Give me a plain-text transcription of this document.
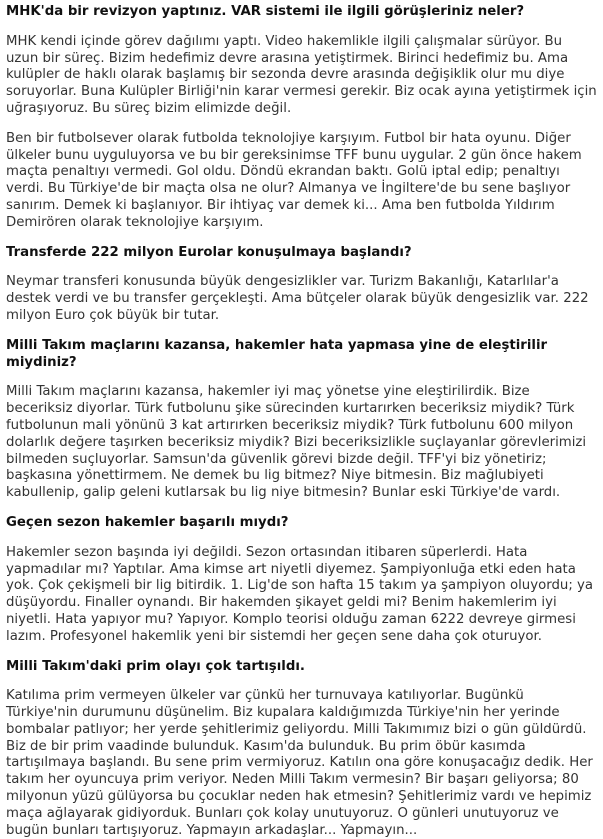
MHK'da bir revizyon yaptınız. VAR sistemi ile ilgili görüşleriniz neler?
MHK kendi içinde görev dağılımı yaptı. Video hakemlikle ilgili çalışmalar sürüyor. Bu uzun bir süreç. Bizim hedefimiz devre arasına yetiştirmek. Birinci hedefimiz bu. Ama kulüpler de haklı olarak başlamış bir sezonda devre arasında değişiklik olur mu diye soruyorlar. Buna Kulüpler Birliği'nin karar vermesi gerekir. Biz ocak ayına yetiştirmek için uğraşıyoruz. Bu süreç bizim elimizde değil.
Ben bir futbolsever olarak futbolda teknolojiye karşıyım. Futbol bir hata oyunu. Diğer ülkeler bunu uyguluyorsa ve bu bir gereksinimse TFF bunu uygular. 2 gün önce hakem maçta penaltıyı vermedi. Gol oldu. Döndü ekrandan baktı. Golü iptal edip; penaltıyı verdi. Bu Türkiye'de bir maçta olsa ne olur? Almanya ve İngiltere'de bu sene başlıyor sanırım. Demek ki başlanıyor. Bir ihtiyaç var demek ki... Ama ben futbolda Yıldırım Demirören olarak teknolojiye karşıyım.
Transferde 222 milyon Eurolar konuşulmaya başlandı?
Neymar transferi konusunda büyük dengesizlikler var. Turizm Bakanlığı, Katarlılar'a destek verdi ve bu transfer gerçekleşti. Ama bütçeler olarak büyük dengesizlik var. 222 milyon Euro çok büyük bir tutar.
Milli Takım maçlarını kazansa, hakemler hata yapmasa yine de eleştirilir miydiniz?
Milli Takım maçlarını kazansa, hakemler iyi maç yönetse yine eleştirilirdik. Bize beceriksiz diyorlar. Türk futbolunu şike sürecinden kurtarırken beceriksiz miydik? Türk futbolunun mali yönünü 3 kat artırırken beceriksiz miydik? Türk futbolunu 600 milyon dolarlık değere taşırken beceriksiz miydik? Bizi beceriksizlikle suçlayanlar görevlerimizi bilmeden suçluyorlar. Samsun'da güvenlik görevi bizde değil. TFF'yi biz yönetiriz; başkasına yönettirmem. Ne demek bu lig bitmez? Niye bitmesin. Biz mağlubiyeti kabullenip, galip geleni kutlarsak bu lig niye bitmesin? Bunlar eski Türkiye'de vardı.
Geçen sezon hakemler başarılı mıydı?
Hakemler sezon başında iyi değildi. Sezon ortasından itibaren süperlerdi. Hata yapmadılar mı? Yaptılar. Ama kimse art niyetli diyemez. Şampiyonluğa etki eden hata yok. Çok çekişmeli bir lig bitirdik. 1. Lig'de son hafta 15 takım ya şampiyon oluyordu; ya düşüyordu. Finaller oynandı. Bir hakemden şikayet geldi mi? Benim hakemlerim iyi niyetli. Hata yapıyor mu? Yapıyor. Komplo teorisi olduğu zaman 6222 devreye girmesi lazım. Profesyonel hakemlik yeni bir sistemdi her geçen sene daha çok oturuyor.
Milli Takım'daki prim olayı çok tartışıldı.
Katılıma prim vermeyen ülkeler var çünkü her turnuvaya katılıyorlar. Bugünkü Türkiye'nin durumunu düşünelim. Biz kupalara kaldığımızda Türkiye'nin her yerinde bombalar patlıyor; her yerde şehitlerimiz geliyordu. Milli Takımımız bizi o gün güldürdü. Biz de bir prim vaadinde bulunduk. Kasım'da bulunduk. Bu prim öbür kasımda tartışılmaya başlandı. Bu sene prim vermiyoruz. Katılın ona göre konuşacağız dedik. Her takım her oyuncuya prim veriyor. Neden Milli Takım vermesin? Bir başarı geliyorsa; 80 milyonun yüzü gülüyorsa bu çocuklar neden hak etmesin? Şehitlerimiz vardı ve hepimiz maça ağlayarak gidiyorduk. Bunları çok kolay unutuyoruz. O günleri unutuyoruz ve bugün bunları tartışıyoruz. Yapmayın arkadaşlar... Yapmayın...
